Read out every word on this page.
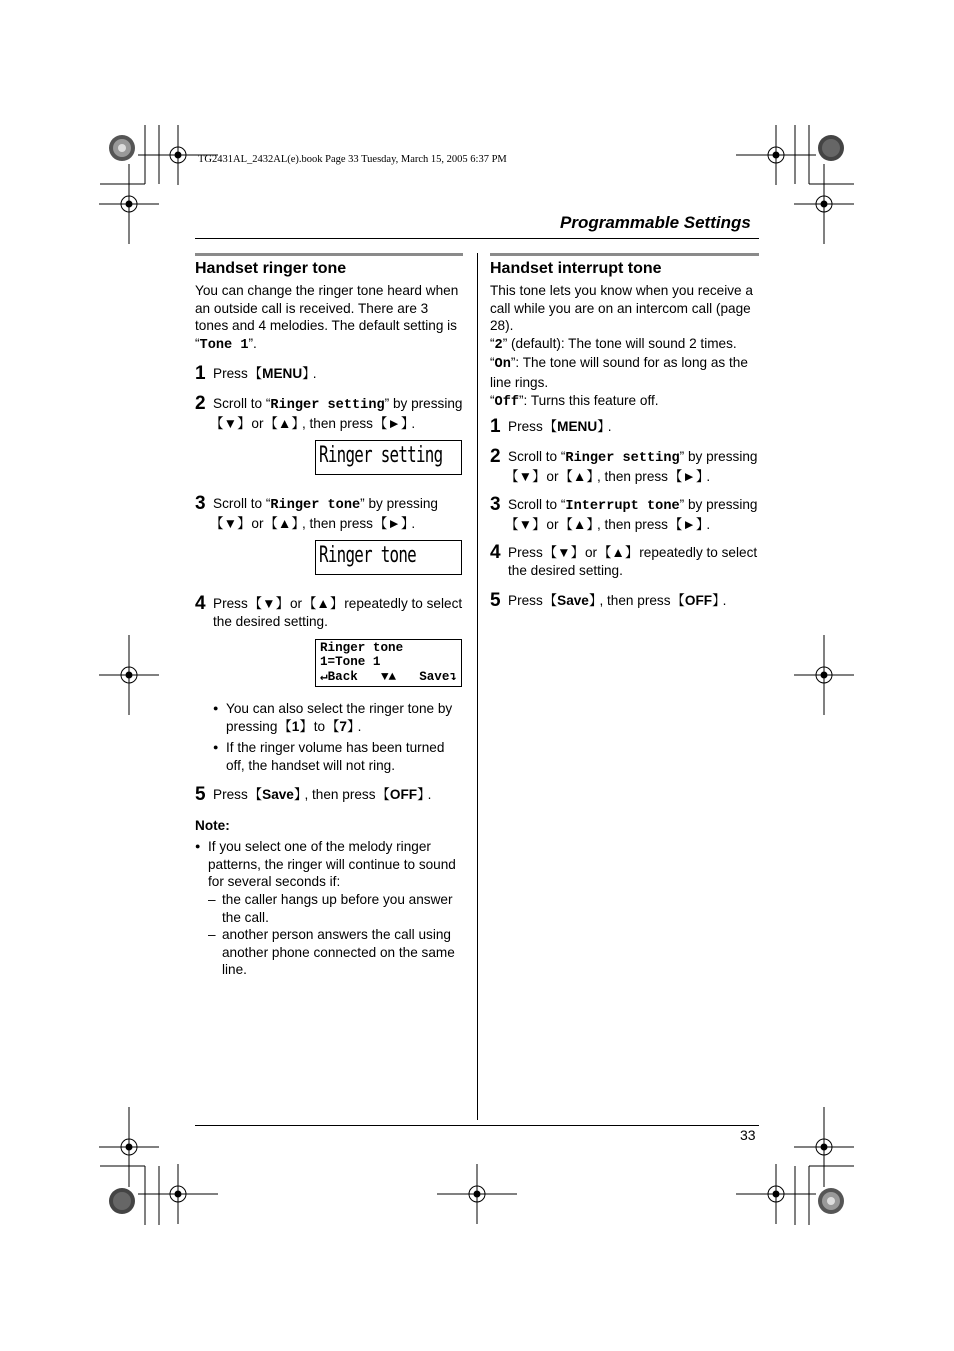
TG2431AL_2432AL(e).book Page 33 Tuesday, March 15, 2005 6:37 PM
Programmable Settings
Handset ringer tone
You can change the ringer tone heard when an outside call is received. There are 3 tones and 4 melodies. The default setting is “Tone 1”.
1 Press 【 MENU 】 .
2 Scroll to “Ringer setting” by pressing 【 ▼ 】 or 【 ▲ 】 , then press 【 ► 】 .
Ringer setting
3 Scroll to “Ringer tone” by pressing 【 ▼ 】 or 【 ▲ 】 , then press 【 ► 】 .
Ringer tone
4 Press 【 ▼ 】 or 【 ▲ 】 repeatedly to select the desired setting.
Ringer tone
1=Tone 1
↵Back ▼▲ Save↴
●
You can also select the ringer tone by pressing 【 1 】 to 【 7 】 .
●
If the ringer volume has been turned off, the handset will not ring.
5 Press 【 Save 】 , then press 【 OFF 】 .
Note:
●
If you select one of the melody ringer patterns, the ringer will continue to sound for several seconds if:
– the caller hangs up before you answer the call.
– another person answers the call using another phone connected on the same line.
Handset interrupt tone
This tone lets you know when you receive a call while you are on an intercom call (page 28).
“2” (default): The tone will sound 2 times.
“On”: The tone will sound for as long as the line rings.
“Off”: Turns this feature off.
1 Press 【 MENU 】 .
2 Scroll to “Ringer setting” by pressing 【 ▼ 】 or 【 ▲ 】 , then press 【 ► 】 .
3 Scroll to “Interrupt tone” by pressing 【 ▼ 】 or 【 ▲ 】 , then press 【 ► 】 .
4 Press 【 ▼ 】 or 【 ▲ 】 repeatedly to select the desired setting.
5 Press 【 Save 】 , then press 【 OFF 】 .
33
